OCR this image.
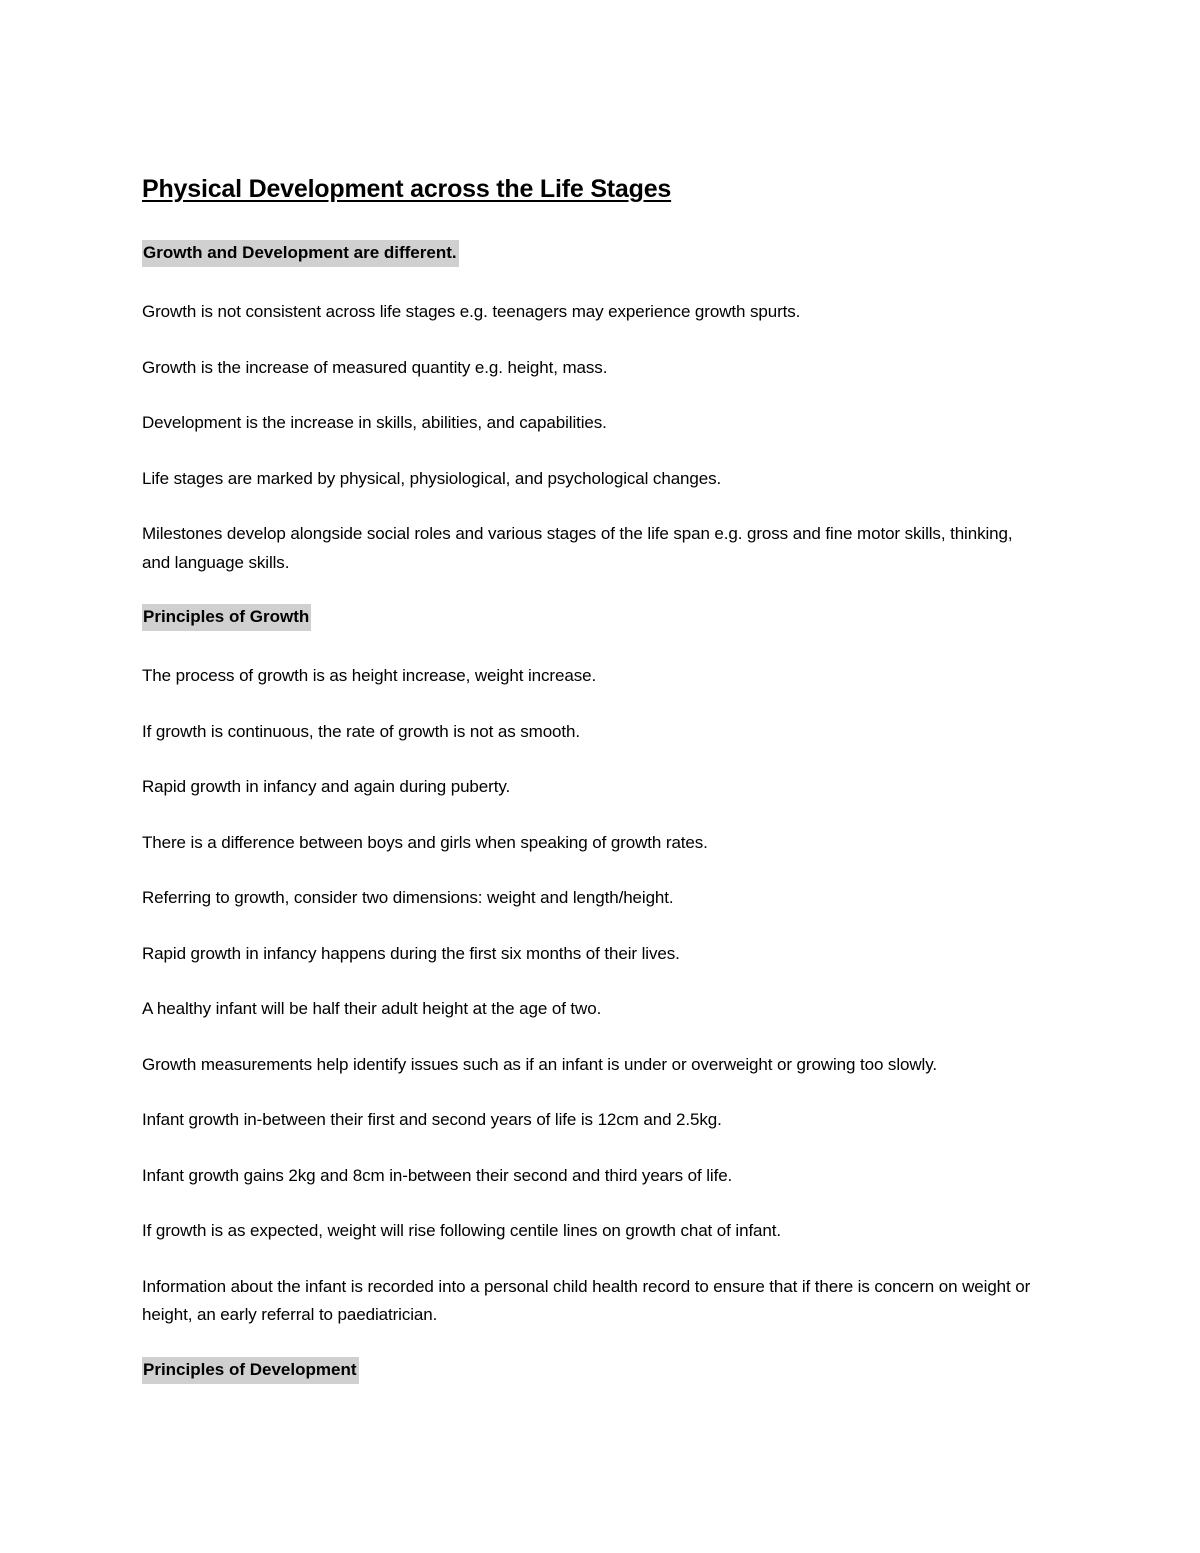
Physical Development across the Life Stages
Growth and Development are different.

Growth is not consistent across life stages e.g. teenagers may experience growth spurts.

Growth is the increase of measured quantity e.g. height, mass.

Development is the increase in skills, abilities, and capabilities.

Life stages are marked by physical, physiological, and psychological changes.

Milestones develop alongside social roles and various stages of the life span e.g. gross and fine motor skills, thinking, and language skills.

Principles of Growth

The process of growth is as height increase, weight increase.

If growth is continuous, the rate of growth is not as smooth.

Rapid growth in infancy and again during puberty.

There is a difference between boys and girls when speaking of growth rates.

Referring to growth, consider two dimensions: weight and length/height.

Rapid growth in infancy happens during the first six months of their lives.

A healthy infant will be half their adult height at the age of two.

Growth measurements help identify issues such as if an infant is under or overweight or growing too slowly.

Infant growth in-between their first and second years of life is 12cm and 2.5kg.

Infant growth gains 2kg and 8cm in-between their second and third years of life.

If growth is as expected, weight will rise following centile lines on growth chat of infant.

Information about the infant is recorded into a personal child health record to ensure that if there is concern on weight or height, an early referral to paediatrician.

Principles of Development
